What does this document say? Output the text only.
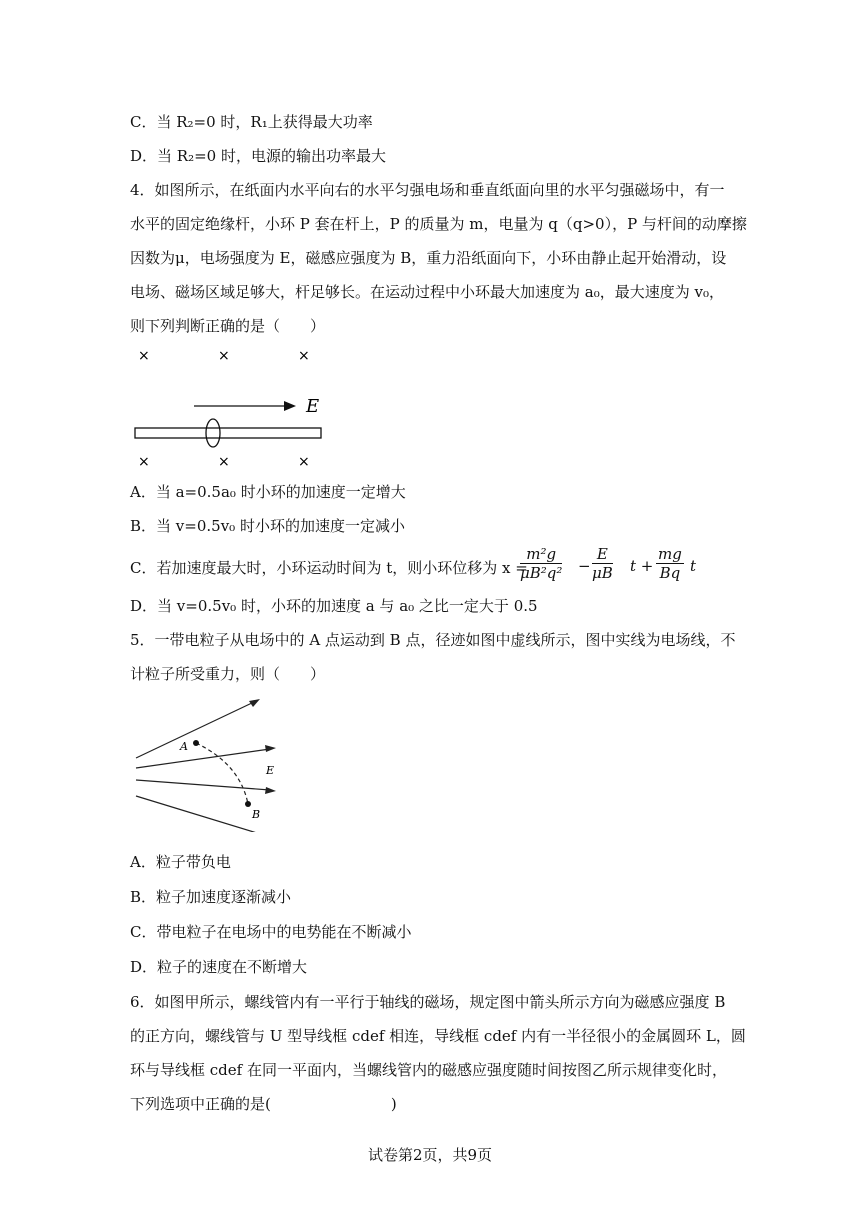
C．当 R₂=0 时，R₁上获得最大功率
D．当 R₂=0 时，电源的输出功率最大
4．如图所示，在纸面内水平向右的水平匀强电场和垂直纸面向里的水平匀强磁场中，有一
水平的固定绝缘杆，小环 P 套在杆上，P 的质量为 m，电量为 q（q>0），P 与杆间的动摩擦
因数为μ，电场强度为 E，磁感应强度为 B，重力沿纸面向下，小环由静止起开始滑动，设
电场、磁场区域足够大，杆足够长。在运动过程中小环最大加速度为 a₀，最大速度为 v₀，
则下列判断正确的是（　　）
×	×	×
E
×	×	×
A．当 a=0.5a₀ 时小环的加速度一定增大
B．当 v=0.5v₀ 时小环的加速度一定减小
C．若加速度最大时，小环运动时间为 t，则小环位移为 x =
$\frac{\text{m²g}}{\text{μB²q²}} - \frac{E}{\mu B}$ $t + \frac{mg}{Bq}$ t
D．当 v=0.5v₀ 时，小环的加速度 a 与 a₀ 之比一定大于 0.5
5．一带电粒子从电场中的 A 点运动到 B 点，径迹如图中虚线所示，图中实线为电场线，不
计粒子所受重力，则（　　）
A
B
E
A．粒子带负电
B．粒子加速度逐渐减小
C．带电粒子在电场中的电势能在不断减小
D．粒子的速度在不断增大
6．如图甲所示，螺线管内有一平行于轴线的磁场，规定图中箭头所示方向为磁感应强度 B
的正方向，螺线管与 U 型导线框 cdef 相连，导线框 cdef 内有一半径很小的金属圆环 L，圆
环与导线框 cdef 在同一平面内，当螺线管内的磁感应强度随时间按图乙所示规律变化时，
下列选项中正确的是(　　　　　　　　)
试卷第2页，共9页
